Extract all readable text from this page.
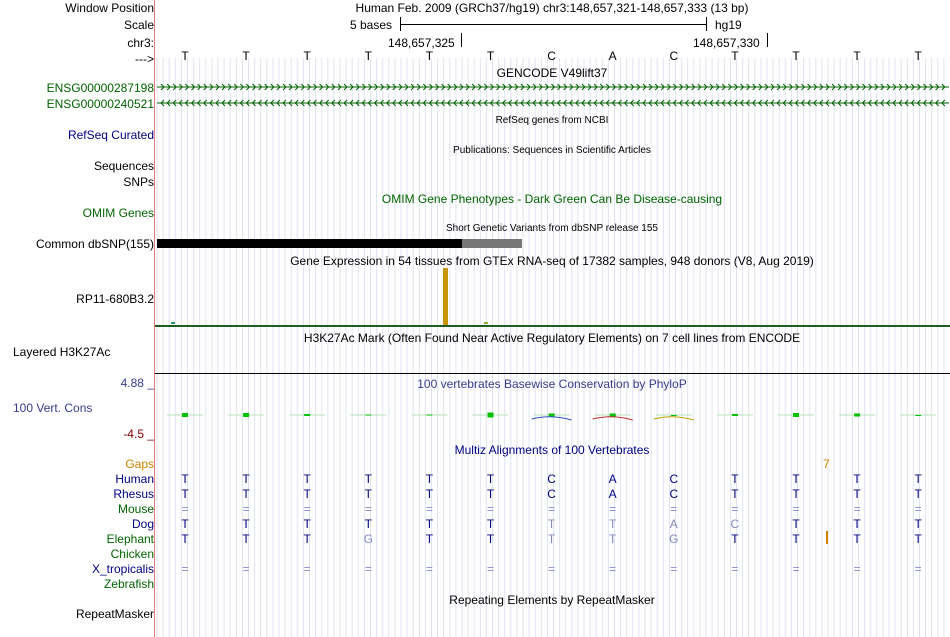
Window Position
Scale
chr3:
--->
Human Feb. 2009 (GRCh37/hg19) chr3:148,657,321-148,657,333 (13 bp)
5 bases	hg19
148,657,325	148,657,330
T	T	T	T	T	T	C	A	C	T	T	T	T
GENCODE V49lift37
ENSG00000287198
ENSG00000240521
RefSeq Curated
RefSeq genes from NCBI
Publications: Sequences in Scientific Articles
Sequences
SNPs
OMIM Gene Phenotypes - Dark Green Can Be Disease-causing
OMIM Genes
Short Genetic Variants from dbSNP release 155
Common dbSNP(155)
Gene Expression in 54 tissues from GTEx RNA-seq of 17382 samples, 948 donors (V8, Aug 2019)
RP11-680B3.2
H3K27Ac Mark (Often Found Near Active Regulatory Elements) on 7 cell lines from ENCODE
Layered H3K27Ac
100 vertebrates Basewise Conservation by PhyloP
4.88 _
100 Vert. Cons
-4.5 _
Multiz Alignments of 100 Vertebrates
Gaps	7
Human T	T	T	T	T	T	C	A	C	T	T	T	T
Rhesus T	T	T	T	T	T	C	A	C	T	T	T	T
Mouse =	=	=	=	=	=	=	=	=	=	=	=	=
Dog T	T	T	T	T	T	T	T	A	C	T	T	T
Elephant T	T	T	G	T	T	T	T	G	T	T	T	T
Chicken
X_tropicalis =	=	=	=	=	=	=	=	=	=	=	=	=
Zebrafish
Repeating Elements by RepeatMasker
RepeatMasker
